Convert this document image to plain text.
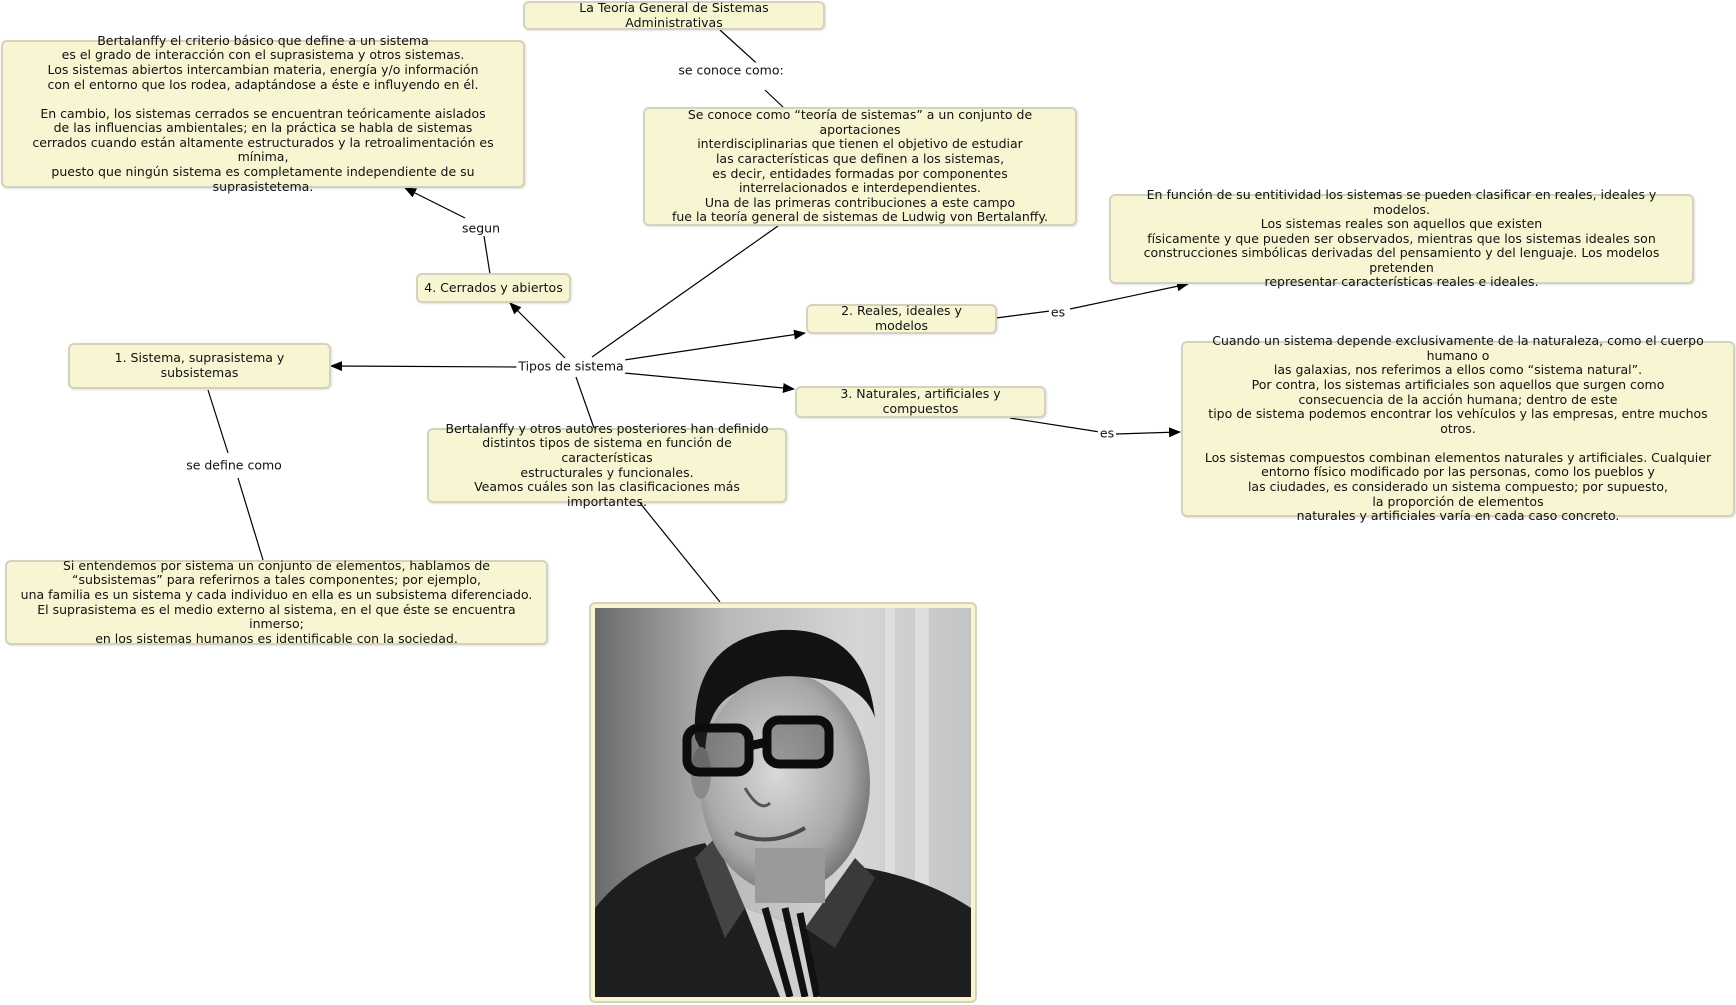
La Teoría General de Sistemas Administrativas
Se conoce como “teoría de sistemas” a un conjunto de aportaciones
interdisciplinarias que tienen el objetivo de estudiar
las características que definen a los sistemas,
es decir, entidades formadas por componentes
interrelacionados e interdependientes.
Una de las primeras contribuciones a este campo
fue la teoría general de sistemas de Ludwig von Bertalanffy.
Bertalanffy el criterio básico que define a un sistema
es el grado de interacción con el suprasistema y otros sistemas.
Los sistemas abiertos intercambian materia, energía y/o información
con el entorno que los rodea, adaptándose a éste e influyendo en él.

En cambio, los sistemas cerrados se encuentran teóricamente aislados
de las influencias ambientales; en la práctica se habla de sistemas
cerrados cuando están altamente estructurados y la retroalimentación es mínima,
puesto que ningún sistema es completamente independiente de su suprasistetema.
4. Cerrados y abiertos
1. Sistema, suprasistema y subsistemas
2. Reales, ideales y modelos
3. Naturales, artificiales y compuestos
En función de su entitividad los sistemas se pueden clasificar en reales, ideales y modelos.
Los sistemas reales son aquellos que existen
físicamente y que pueden ser observados, mientras que los sistemas ideales son
construcciones simbólicas derivadas del pensamiento y del lenguaje. Los modelos pretenden
representar características reales e ideales.
Cuando un sistema depende exclusivamente de la naturaleza, como el cuerpo humano o
las galaxias, nos referimos a ellos como “sistema natural”.
Por contra, los sistemas artificiales son aquellos que surgen como
consecuencia de la acción humana; dentro de este
tipo de sistema podemos encontrar los vehículos y las empresas, entre muchos otros.

Los sistemas compuestos combinan elementos naturales y artificiales. Cualquier
entorno físico modificado por las personas, como los pueblos y
las ciudades, es considerado un sistema compuesto; por supuesto,
la proporción de elementos
naturales y artificiales varía en cada caso concreto.
Bertalanffy y otros autores posteriores han definido
distintos tipos de sistema en función de características
estructurales y funcionales.
Veamos cuáles son las clasificaciones más importantes.
Si entendemos por sistema un conjunto de elementos, hablamos de
“subsistemas” para referirnos a tales componentes; por ejemplo,
una familia es un sistema y cada individuo en ella es un subsistema diferenciado.
El suprasistema es el medio externo al sistema, en el que éste se encuentra inmerso;
en los sistemas humanos es identificable con la sociedad.
Tipos de sistema
se conoce como:
segun
es
es
se define como
